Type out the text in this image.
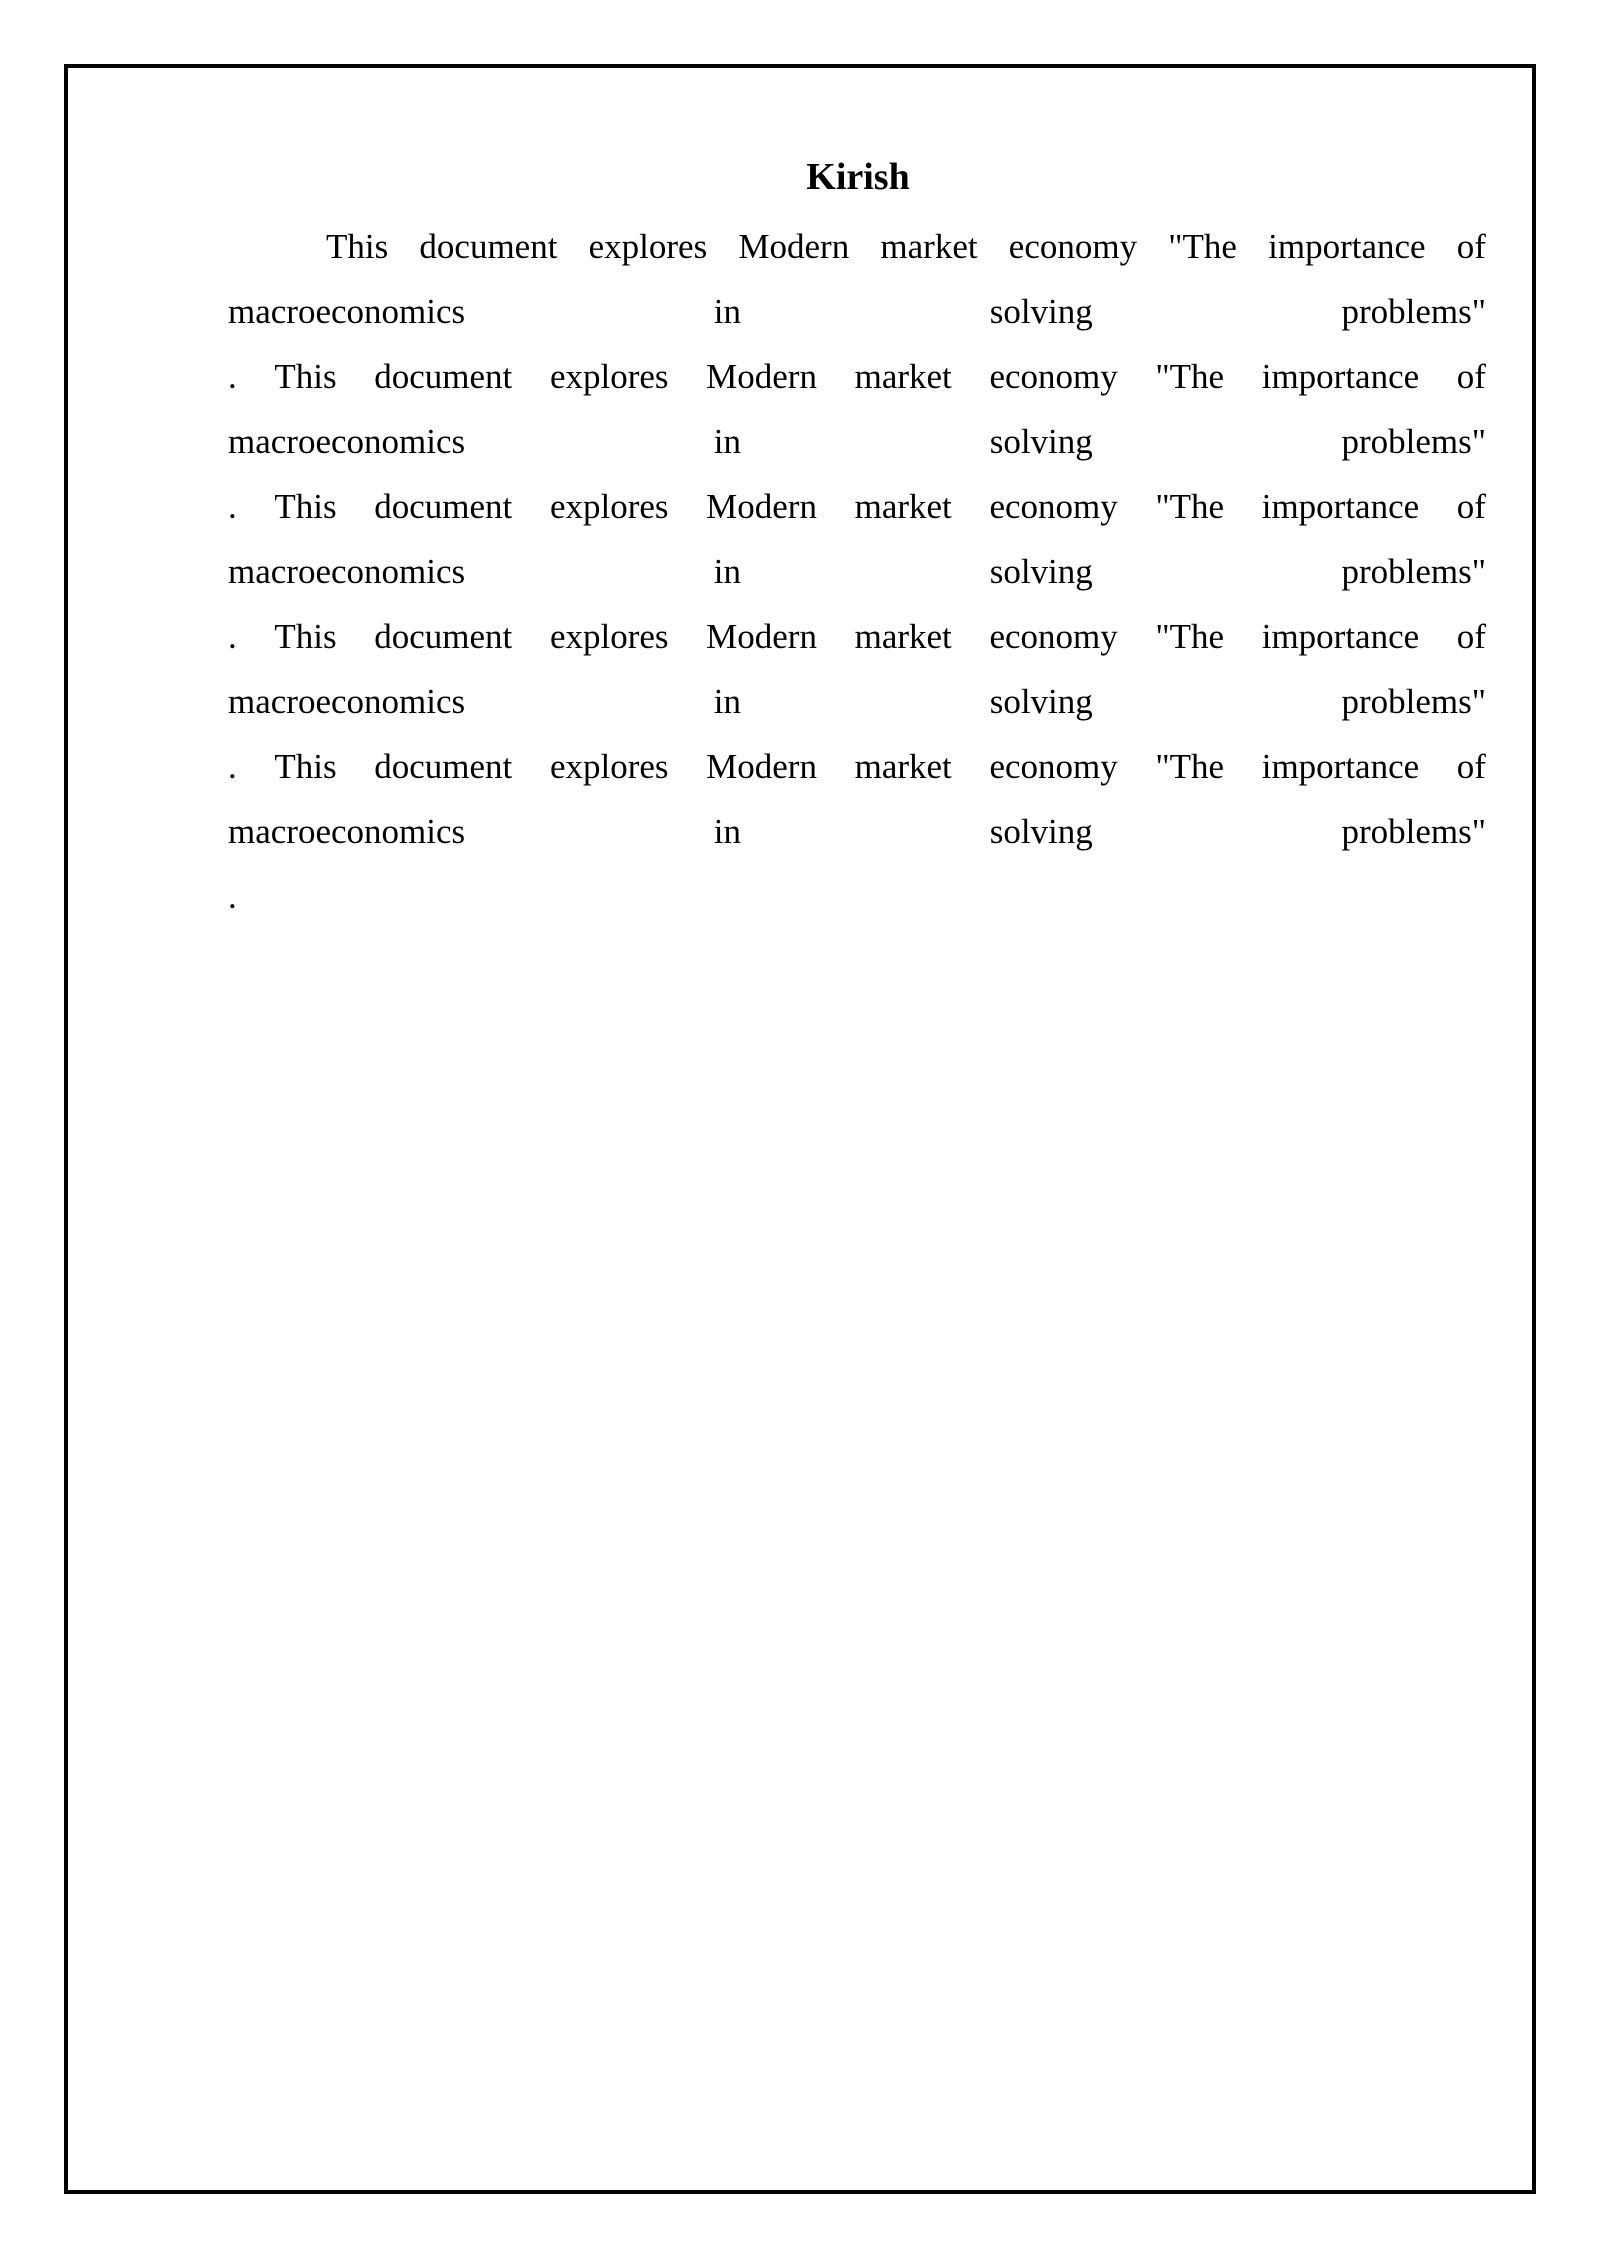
Kirish
This document explores Modern market economy "The importance of
macroeconomics	in	solving	problems"
. This document explores Modern market economy "The importance of
macroeconomics	in	solving	problems"
. This document explores Modern market economy "The importance of
macroeconomics	in	solving	problems"
. This document explores Modern market economy "The importance of
macroeconomics	in	solving	problems"
. This document explores Modern market economy "The importance of
macroeconomics	in	solving	problems"
.
